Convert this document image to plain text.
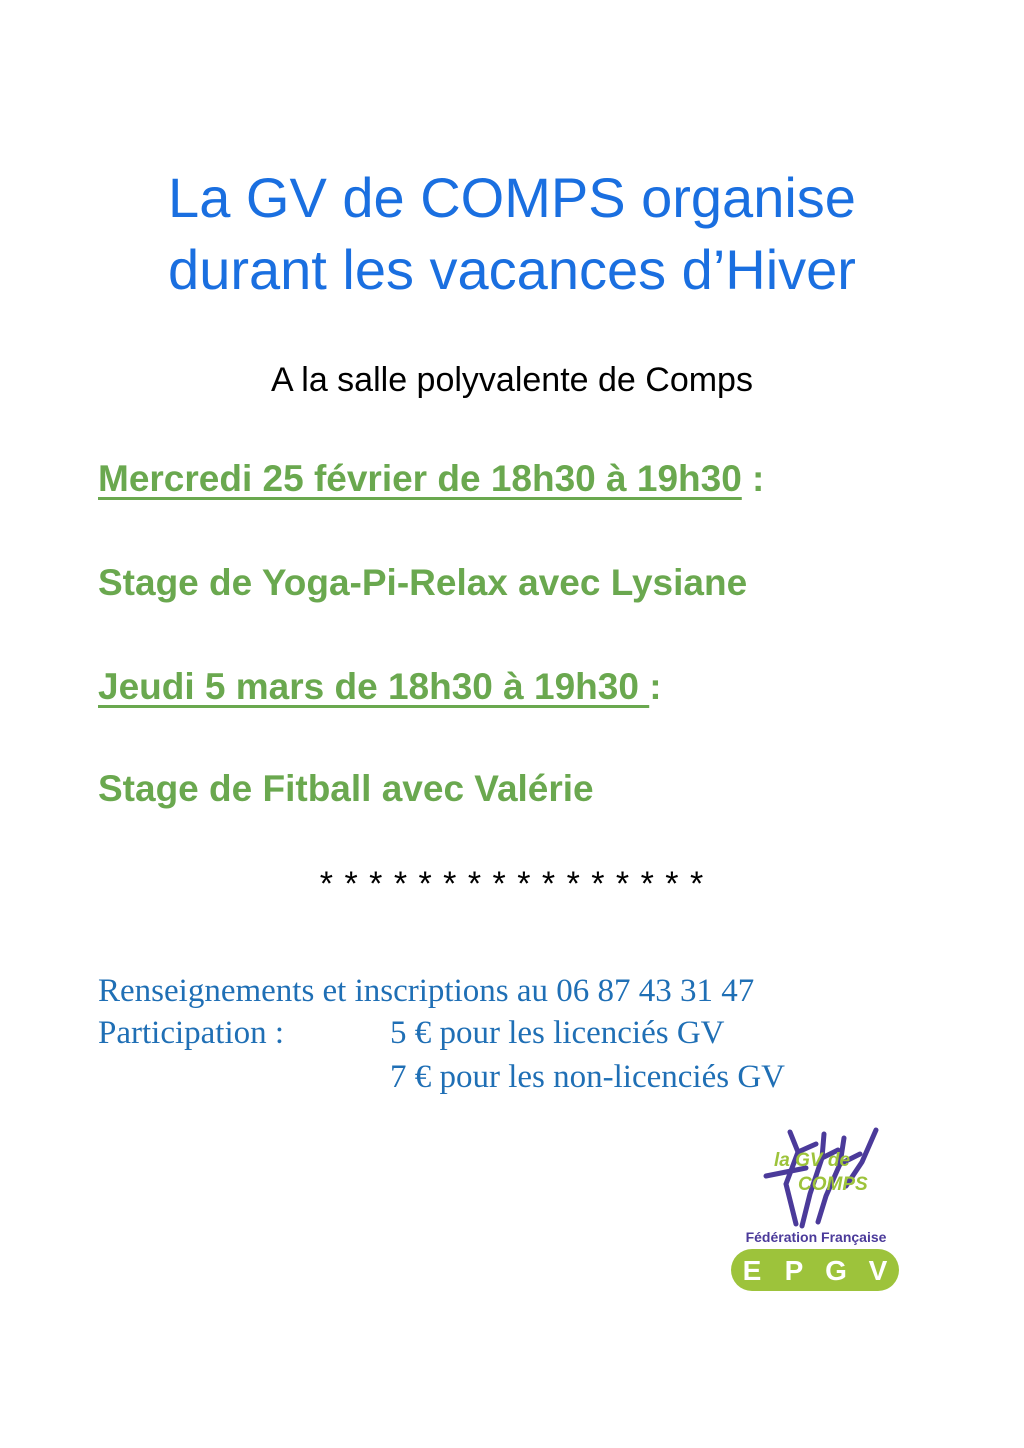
La GV de COMPS organise
durant les vacances d’Hiver
A la salle polyvalente de Comps
Mercredi 25 février de 18h30 à 19h30 :
Stage de Yoga-Pi-Relax avec Lysiane
Jeudi 5 mars de 18h30 à 19h30 :
Stage de Fitball avec Valérie
* * * * * * * * * * * * * * * *
Renseignements et inscriptions au 06 87 43 31 47
Participation :	5 € pour les licenciés GV
7 € pour les non-licenciés GV
la GV de
COMPS
Fédération Française
E P G V
